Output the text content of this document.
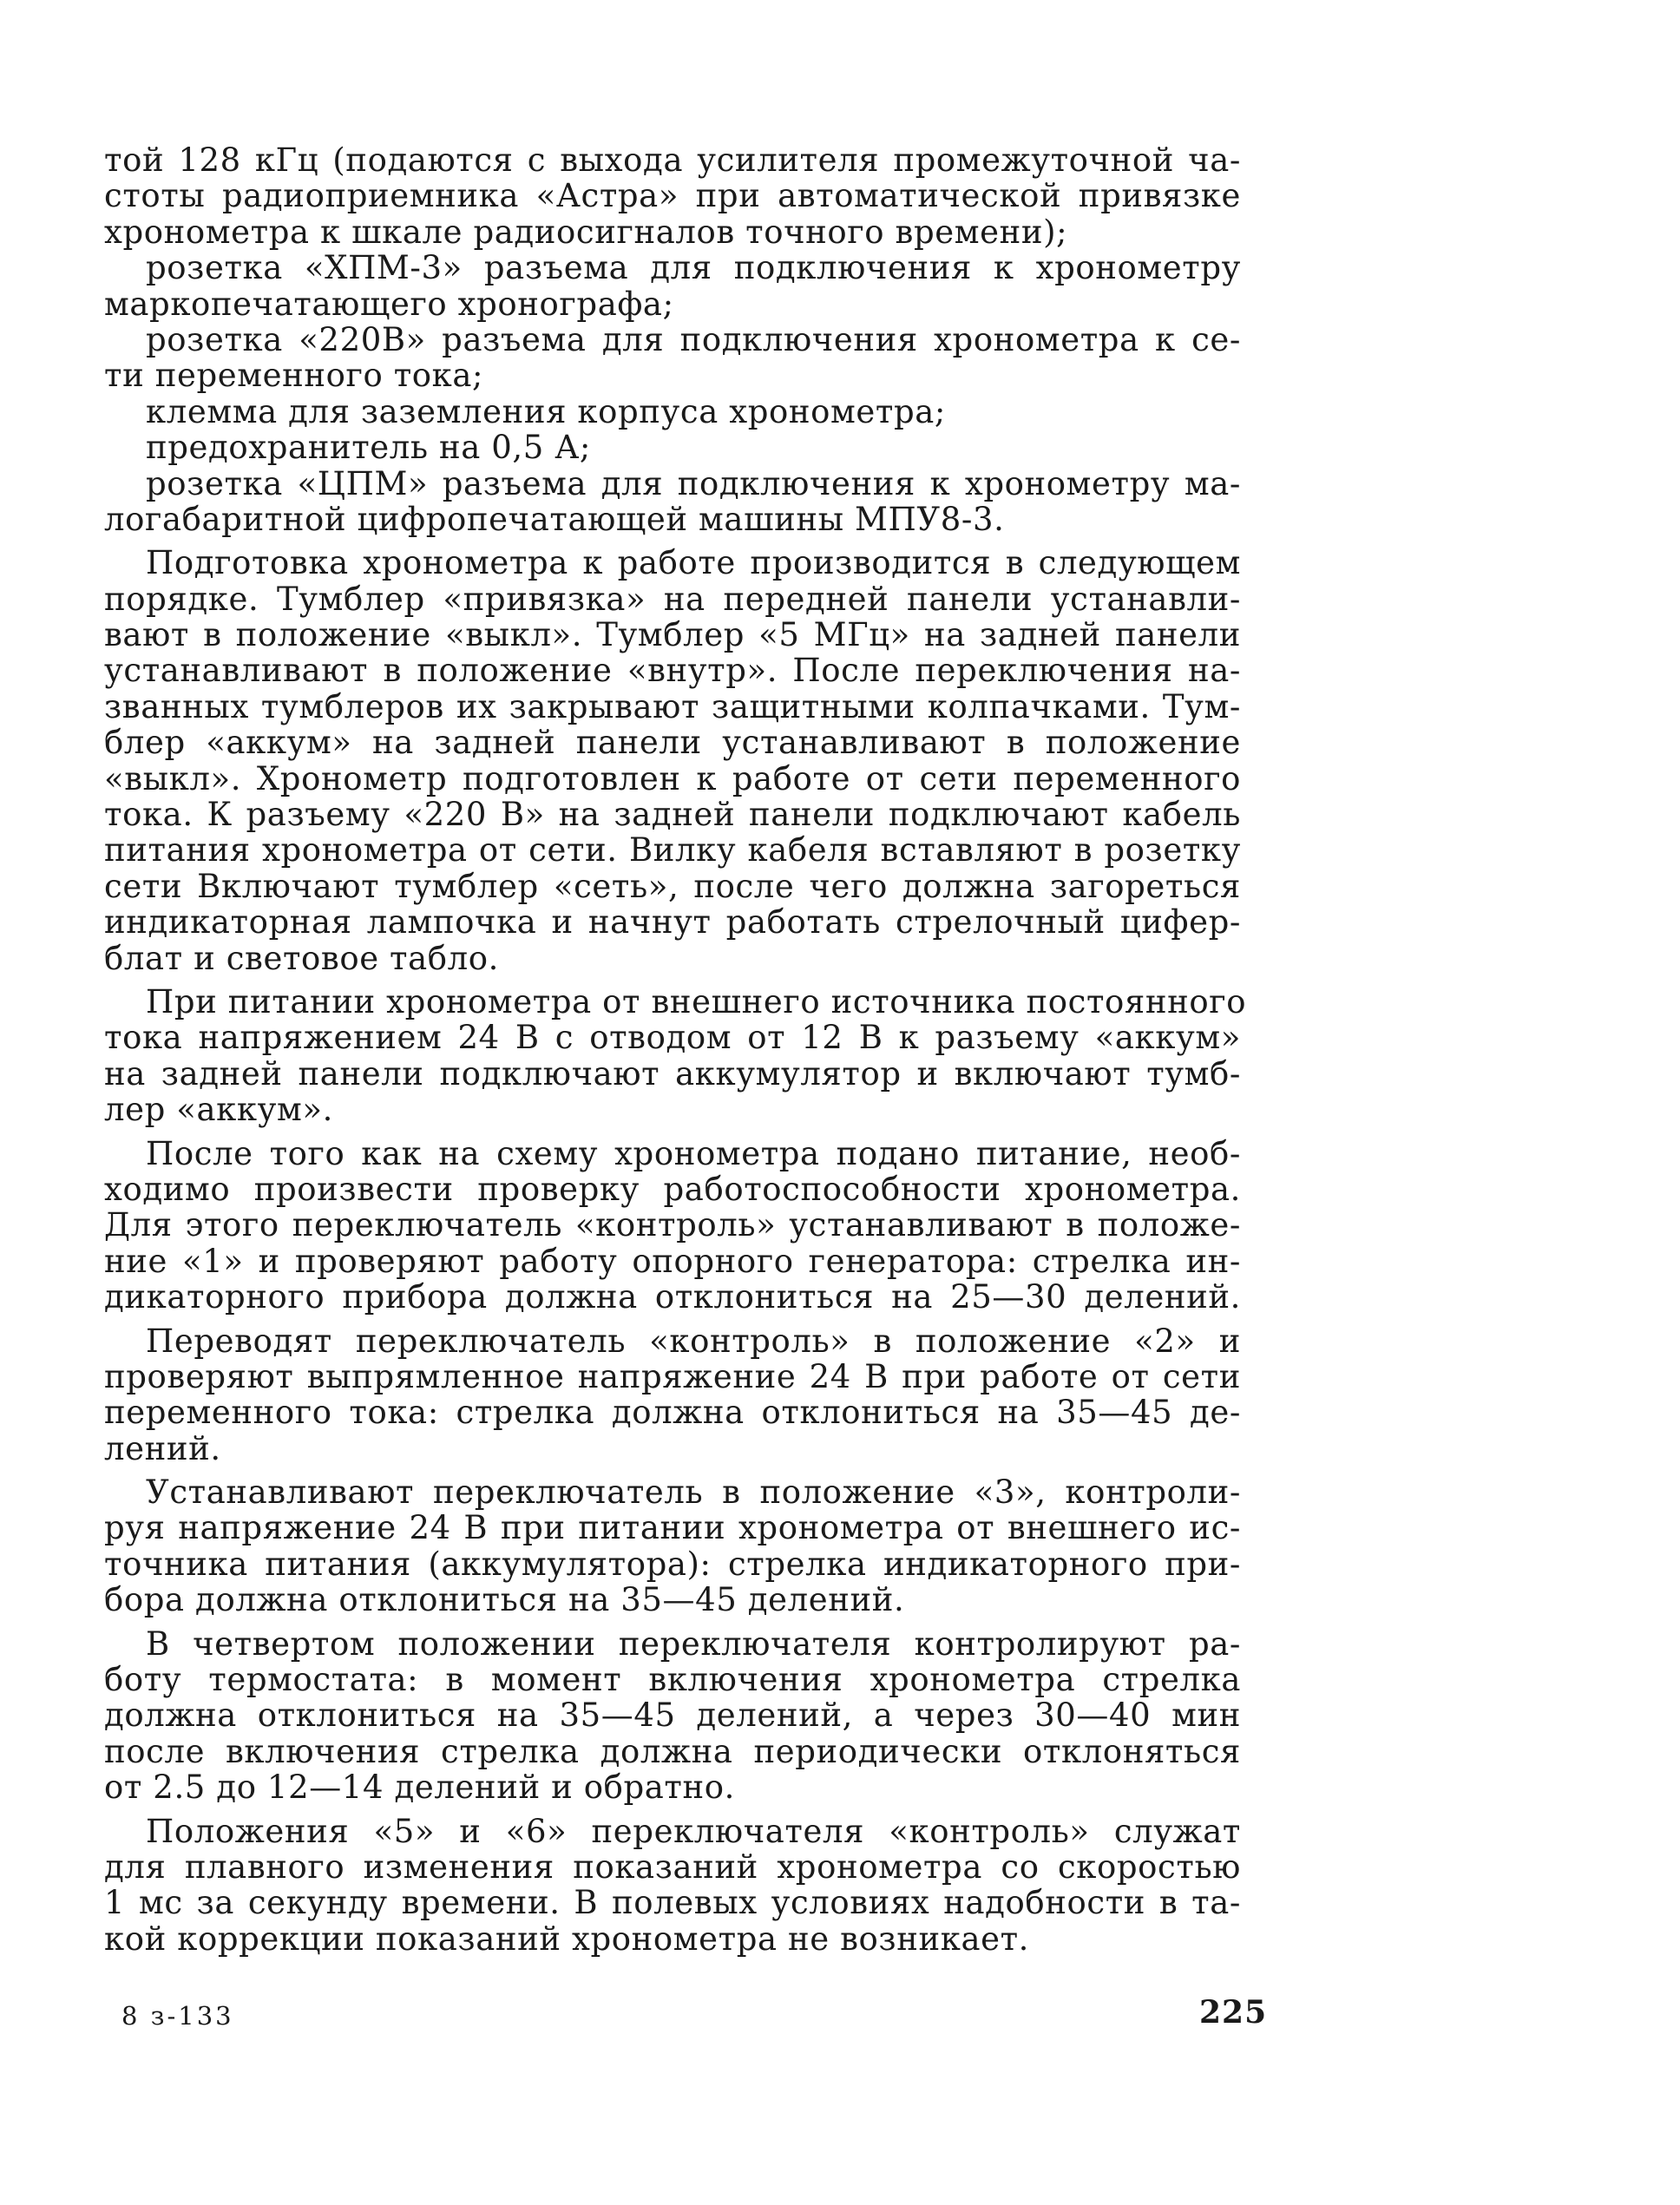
той 128 кГц (подаются с выхода усилителя промежуточной ча-
стоты радиоприемника «Астра» при автоматической привязке
хронометра к шкале радиосигналов точного времени);
розетка «ХПМ-3» разъема для подключения к хронометру
маркопечатающего хронографа;
розетка «220В» разъема для подключения хронометра к се-
ти переменного тока;
клемма для заземления корпуса хронометра;
предохранитель на 0,5 А;
розетка «ЦПМ» разъема для подключения к хронометру ма-
логабаритной цифропечатающей машины МПУ8-3.
Подготовка хронометра к работе производится в следующем
порядке. Тумблер «привязка» на передней панели устанавли-
вают в положение «выкл». Тумблер «5 МГц» на задней панели
устанавливают в положение «внутр». После переключения на-
званных тумблеров их закрывают защитными колпачками. Тум-
блер «аккум» на задней панели устанавливают в положение
«выкл». Хронометр подготовлен к работе от сети переменного
тока. К разъему «220 В» на задней панели подключают кабель
питания хронометра от сети. Вилку кабеля вставляют в розетку
сети Включают тумблер «сеть», после чего должна загореться
индикаторная лампочка и начнут работать стрелочный цифер-
блат и световое табло.
При питании хронометра от внешнего источника постоянного
тока напряжением 24 В с отводом от 12 В к разъему «аккум»
на задней панели подключают аккумулятор и включают тумб-
лер «аккум».
После того как на схему хронометра подано питание, необ-
ходимо произвести проверку работоспособности хронометра.
Для этого переключатель «контроль» устанавливают в положе-
ние «1» и проверяют работу опорного генератора: стрелка ин-
дикаторного прибора должна отклониться на 25—30 делений.
Переводят переключатель «контроль» в положение «2» и
проверяют выпрямленное напряжение 24 В при работе от сети
переменного тока: стрелка должна отклониться на 35—45 де-
лений.
Устанавливают переключатель в положение «3», контроли-
руя напряжение 24 В при питании хронометра от внешнего ис-
точника питания (аккумулятора): стрелка индикаторного при-
бора должна отклониться на 35—45 делений.
В четвертом положении переключателя контролируют ра-
боту термостата: в момент включения хронометра стрелка
должна отклониться на 35—45 делений, а через 30—40 мин
после включения стрелка должна периодически отклоняться
от 2.5 до 12—14 делений и обратно.
Положения «5» и «6» переключателя «контроль» служат
для плавного изменения показаний хронометра со скоростью
1 мс за секунду времени. В полевых условиях надобности в та-
кой коррекции показаний хронометра не возникает.
8 з-133	225
